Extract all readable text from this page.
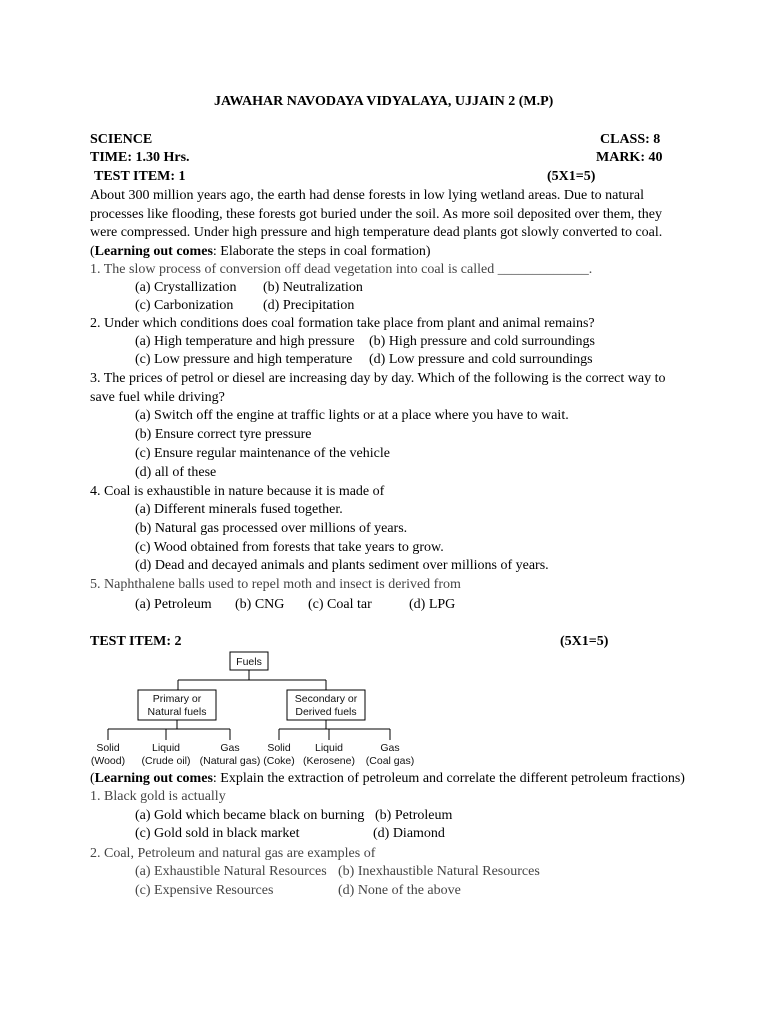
JAWAHAR NAVODAYA VIDYALAYA, UJJAIN 2 (M.P)
SCIENCE	CLASS: 8
TIME: 1.30 Hrs.	MARK: 40
TEST ITEM: 1	(5X1=5)
About 300 million years ago, the earth had dense forests in low lying wetland areas. Due to natural
processes like flooding, these forests got buried under the soil. As more soil deposited over them, they
were compressed. Under high pressure and high temperature dead plants got slowly converted to coal.
(Learning out comes: Elaborate the steps in coal formation)
1. The slow process of conversion off dead vegetation into coal is called _____________.
(a) Crystallization (b) Neutralization
(c) Carbonization (d) Precipitation
2. Under which conditions does coal formation take place from plant and animal remains?
(a) High temperature and high pressure (b) High pressure and cold surroundings
(c) Low pressure and high temperature (d) Low pressure and cold surroundings
3. The prices of petrol or diesel are increasing day by day. Which of the following is the correct way to
save fuel while driving?
(a) Switch off the engine at traffic lights or at a place where you have to wait.
(b) Ensure correct tyre pressure
(c) Ensure regular maintenance of the vehicle
(d) all of these
4. Coal is exhaustible in nature because it is made of
(a) Different minerals fused together.
(b) Natural gas processed over millions of years.
(c) Wood obtained from forests that take years to grow.
(d) Dead and decayed animals and plants sediment over millions of years.
5. Naphthalene balls used to repel moth and insect is derived from
(a) Petroleum (b) CNG (c) Coal tar	(d) LPG
TEST ITEM: 2	(5X1=5)
Fuels
Primary or
Natural fuels
Secondary or
Derived fuels
Solid
(Wood)
Liquid
(Crude oil)
Gas
(Natural gas)
Solid
(Coke)
Liquid
(Kerosene)
Gas
(Coal gas)
(Learning out comes: Explain the extraction of petroleum and correlate the different petroleum fractions)
1. Black gold is actually
(a) Gold which became black on burning (b) Petroleum
(c) Gold sold in black market	(d) Diamond
2. Coal, Petroleum and natural gas are examples of
(a) Exhaustible Natural Resources (b) Inexhaustible Natural Resources
(c) Expensive Resources	(d) None of the above
